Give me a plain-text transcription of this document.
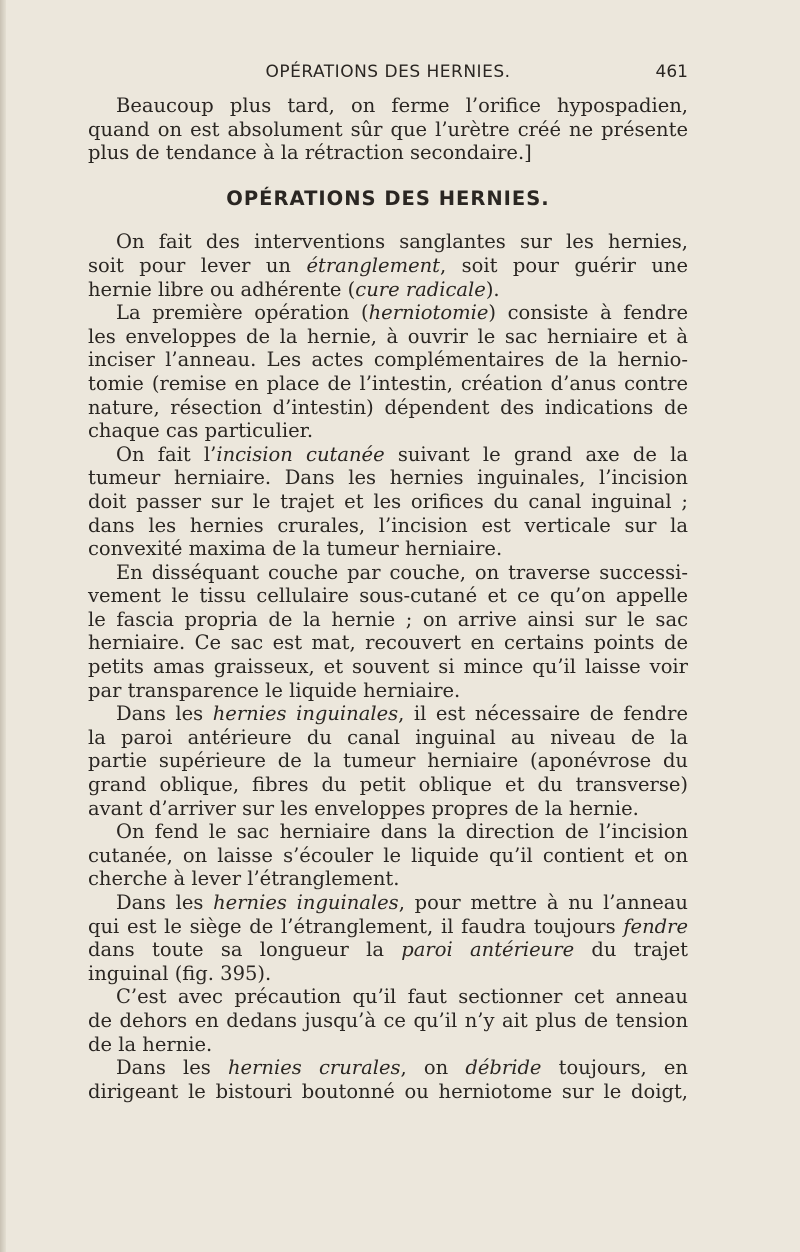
OPÉRATIONS DES HERNIES.	461
Beaucoup plus tard, on ferme l’orifice hypospadien,
quand on est absolument sûr que l’urètre créé ne présente
plus de tendance à la rétraction secondaire.]
OPÉRATIONS DES HERNIES.
On fait des interventions sanglantes sur les hernies,
soit pour lever un étranglement, soit pour guérir une
hernie libre ou adhérente (cure radicale).
La première opération (herniotomie) consiste à fendre
les enveloppes de la hernie, à ouvrir le sac herniaire et à
inciser l’anneau. Les actes complémentaires de la hernio-
tomie (remise en place de l’intestin, création d’anus contre
nature, résection d’intestin) dépendent des indications de
chaque cas particulier.
On fait l’incision cutanée suivant le grand axe de la
tumeur herniaire. Dans les hernies inguinales, l’incision
doit passer sur le trajet et les orifices du canal inguinal ;
dans les hernies crurales, l’incision est verticale sur la
convexité maxima de la tumeur herniaire.
En disséquant couche par couche, on traverse successi-
vement le tissu cellulaire sous-cutané et ce qu’on appelle
le fascia propria de la hernie ; on arrive ainsi sur le sac
herniaire. Ce sac est mat, recouvert en certains points de
petits amas graisseux, et souvent si mince qu’il laisse voir
par transparence le liquide herniaire.
Dans les hernies inguinales, il est nécessaire de fendre
la paroi antérieure du canal inguinal au niveau de la
partie supérieure de la tumeur herniaire (aponévrose du
grand oblique, fibres du petit oblique et du transverse)
avant d’arriver sur les enveloppes propres de la hernie.
On fend le sac herniaire dans la direction de l’incision
cutanée, on laisse s’écouler le liquide qu’il contient et on
cherche à lever l’étranglement.
Dans les hernies inguinales, pour mettre à nu l’anneau
qui est le siège de l’étranglement, il faudra toujours fendre
dans toute sa longueur la paroi antérieure du trajet
inguinal (fig. 395).
C’est avec précaution qu’il faut sectionner cet anneau
de dehors en dedans jusqu’à ce qu’il n’y ait plus de tension
de la hernie.
Dans les hernies crurales, on débride toujours, en
dirigeant le bistouri boutonné ou herniotome sur le doigt,
